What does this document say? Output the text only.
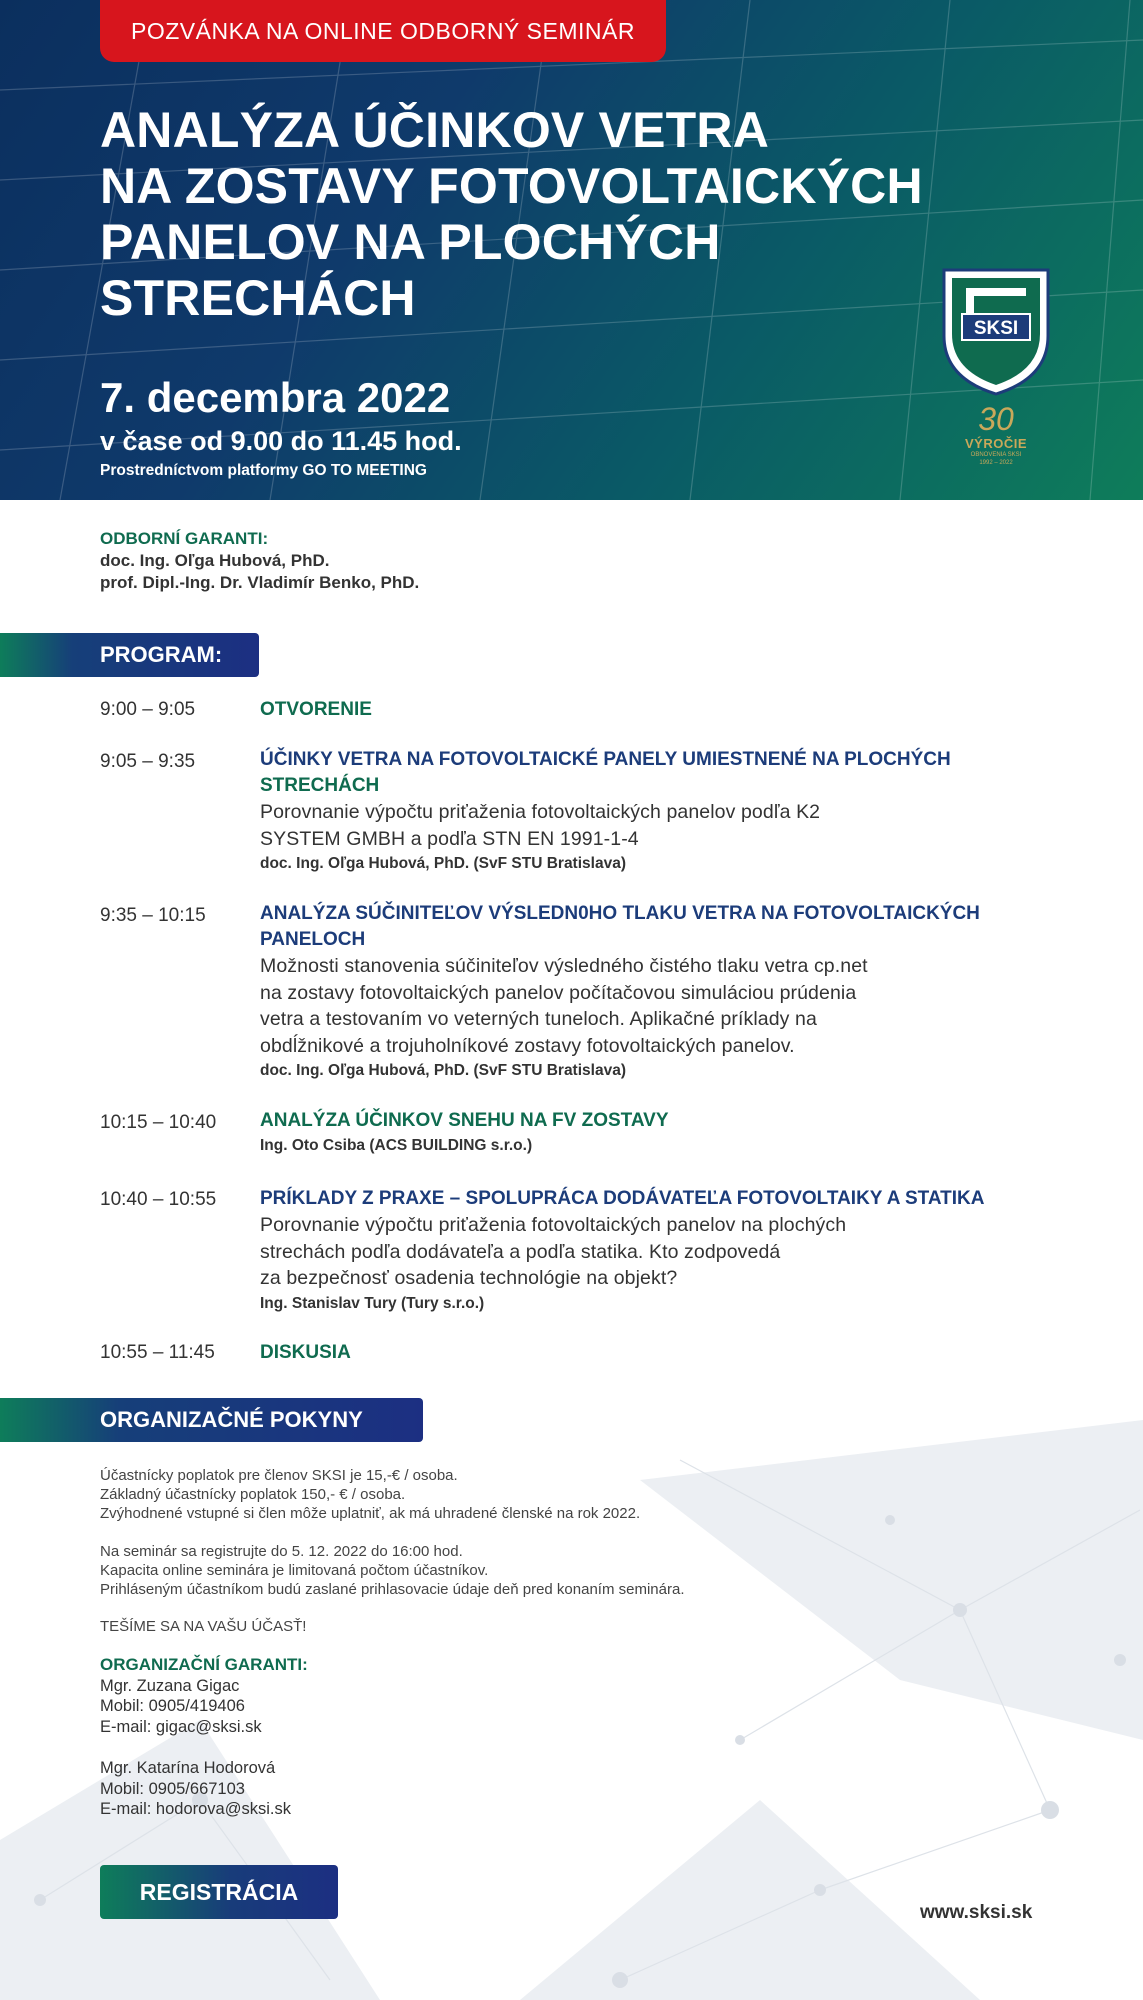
POZVÁNKA NA ONLINE ODBORNÝ SEMINÁR
ANALÝZA ÚČINKOV VETRA
NA ZOSTAVY FOTOVOLTAICKÝCH
PANELOV NA PLOCHÝCH
STRECHÁCH
7. decembra 2022
v čase od 9.00 do 11.45 hod.
Prostredníctvom platformy GO TO MEETING
SKSI
30
VÝROČIE
OBNOVENIA SKSI
1992 – 2022
ODBORNÍ GARANTI:
doc. Ing. Oľga Hubová, PhD.
prof. Dipl.-Ing. Dr. Vladimír Benko, PhD.
PROGRAM:
9:00 – 9:05	OTVORENIE
9:05 – 9:35	ÚČINKY VETRA NA FOTOVOLTAICKÉ PANELY UMIESTNENÉ NA PLOCHÝCH
STRECHÁCH
Porovnanie výpočtu priťaženia fotovoltaických panelov podľa K2
SYSTEM GMBH a podľa STN EN 1991-1-4
doc. Ing. Oľga Hubová, PhD. (SvF STU Bratislava)
9:35 – 10:15	ANALÝZA SÚČINITEĽOV VÝSLEDN0HO TLAKU VETRA NA FOTOVOLTAICKÝCH
PANELOCH
Možnosti stanovenia súčiniteľov výsledného čistého tlaku vetra cp.net
na zostavy fotovoltaických panelov počítačovou simuláciou prúdenia
vetra a testovaním vo veterných tuneloch. Aplikačné príklady na
obdĺžnikové a trojuholníkové zostavy fotovoltaických panelov.
doc. Ing. Oľga Hubová, PhD. (SvF STU Bratislava)
10:15 – 10:40 ANALÝZA ÚČINKOV SNEHU NA FV ZOSTAVY
Ing. Oto Csiba (ACS BUILDING s.r.o.)
10:40 – 10:55 PRÍKLADY Z PRAXE – SPOLUPRÁCA DODÁVATEĽA FOTOVOLTAIKY A STATIKA
Porovnanie výpočtu priťaženia fotovoltaických panelov na plochých
strechách podľa dodávateľa a podľa statika. Kto zodpovedá
za bezpečnosť osadenia technológie na objekt?
Ing. Stanislav Tury (Tury s.r.o.)
10:55 – 11:45 DISKUSIA
ORGANIZAČNÉ POKYNY
Účastnícky poplatok pre členov SKSI je 15,-€ / osoba.
Základný účastnícky poplatok 150,- € / osoba.
Zvýhodnené vstupné si člen môže uplatniť, ak má uhradené členské na rok 2022.
Na seminár sa registrujte do 5. 12. 2022 do 16:00 hod.
Kapacita online seminára je limitovaná počtom účastníkov.
Prihláseným účastníkom budú zaslané prihlasovacie údaje deň pred konaním seminára.
TEŠÍME SA NA VAŠU ÚČASŤ!
ORGANIZAČNÍ GARANTI:
Mgr. Zuzana Gigac
Mobil: 0905/419406
E-mail: gigac@sksi.sk
Mgr. Katarína Hodorová
Mobil: 0905/667103
E-mail: hodorova@sksi.sk
REGISTRÁCIA
www.sksi.sk
